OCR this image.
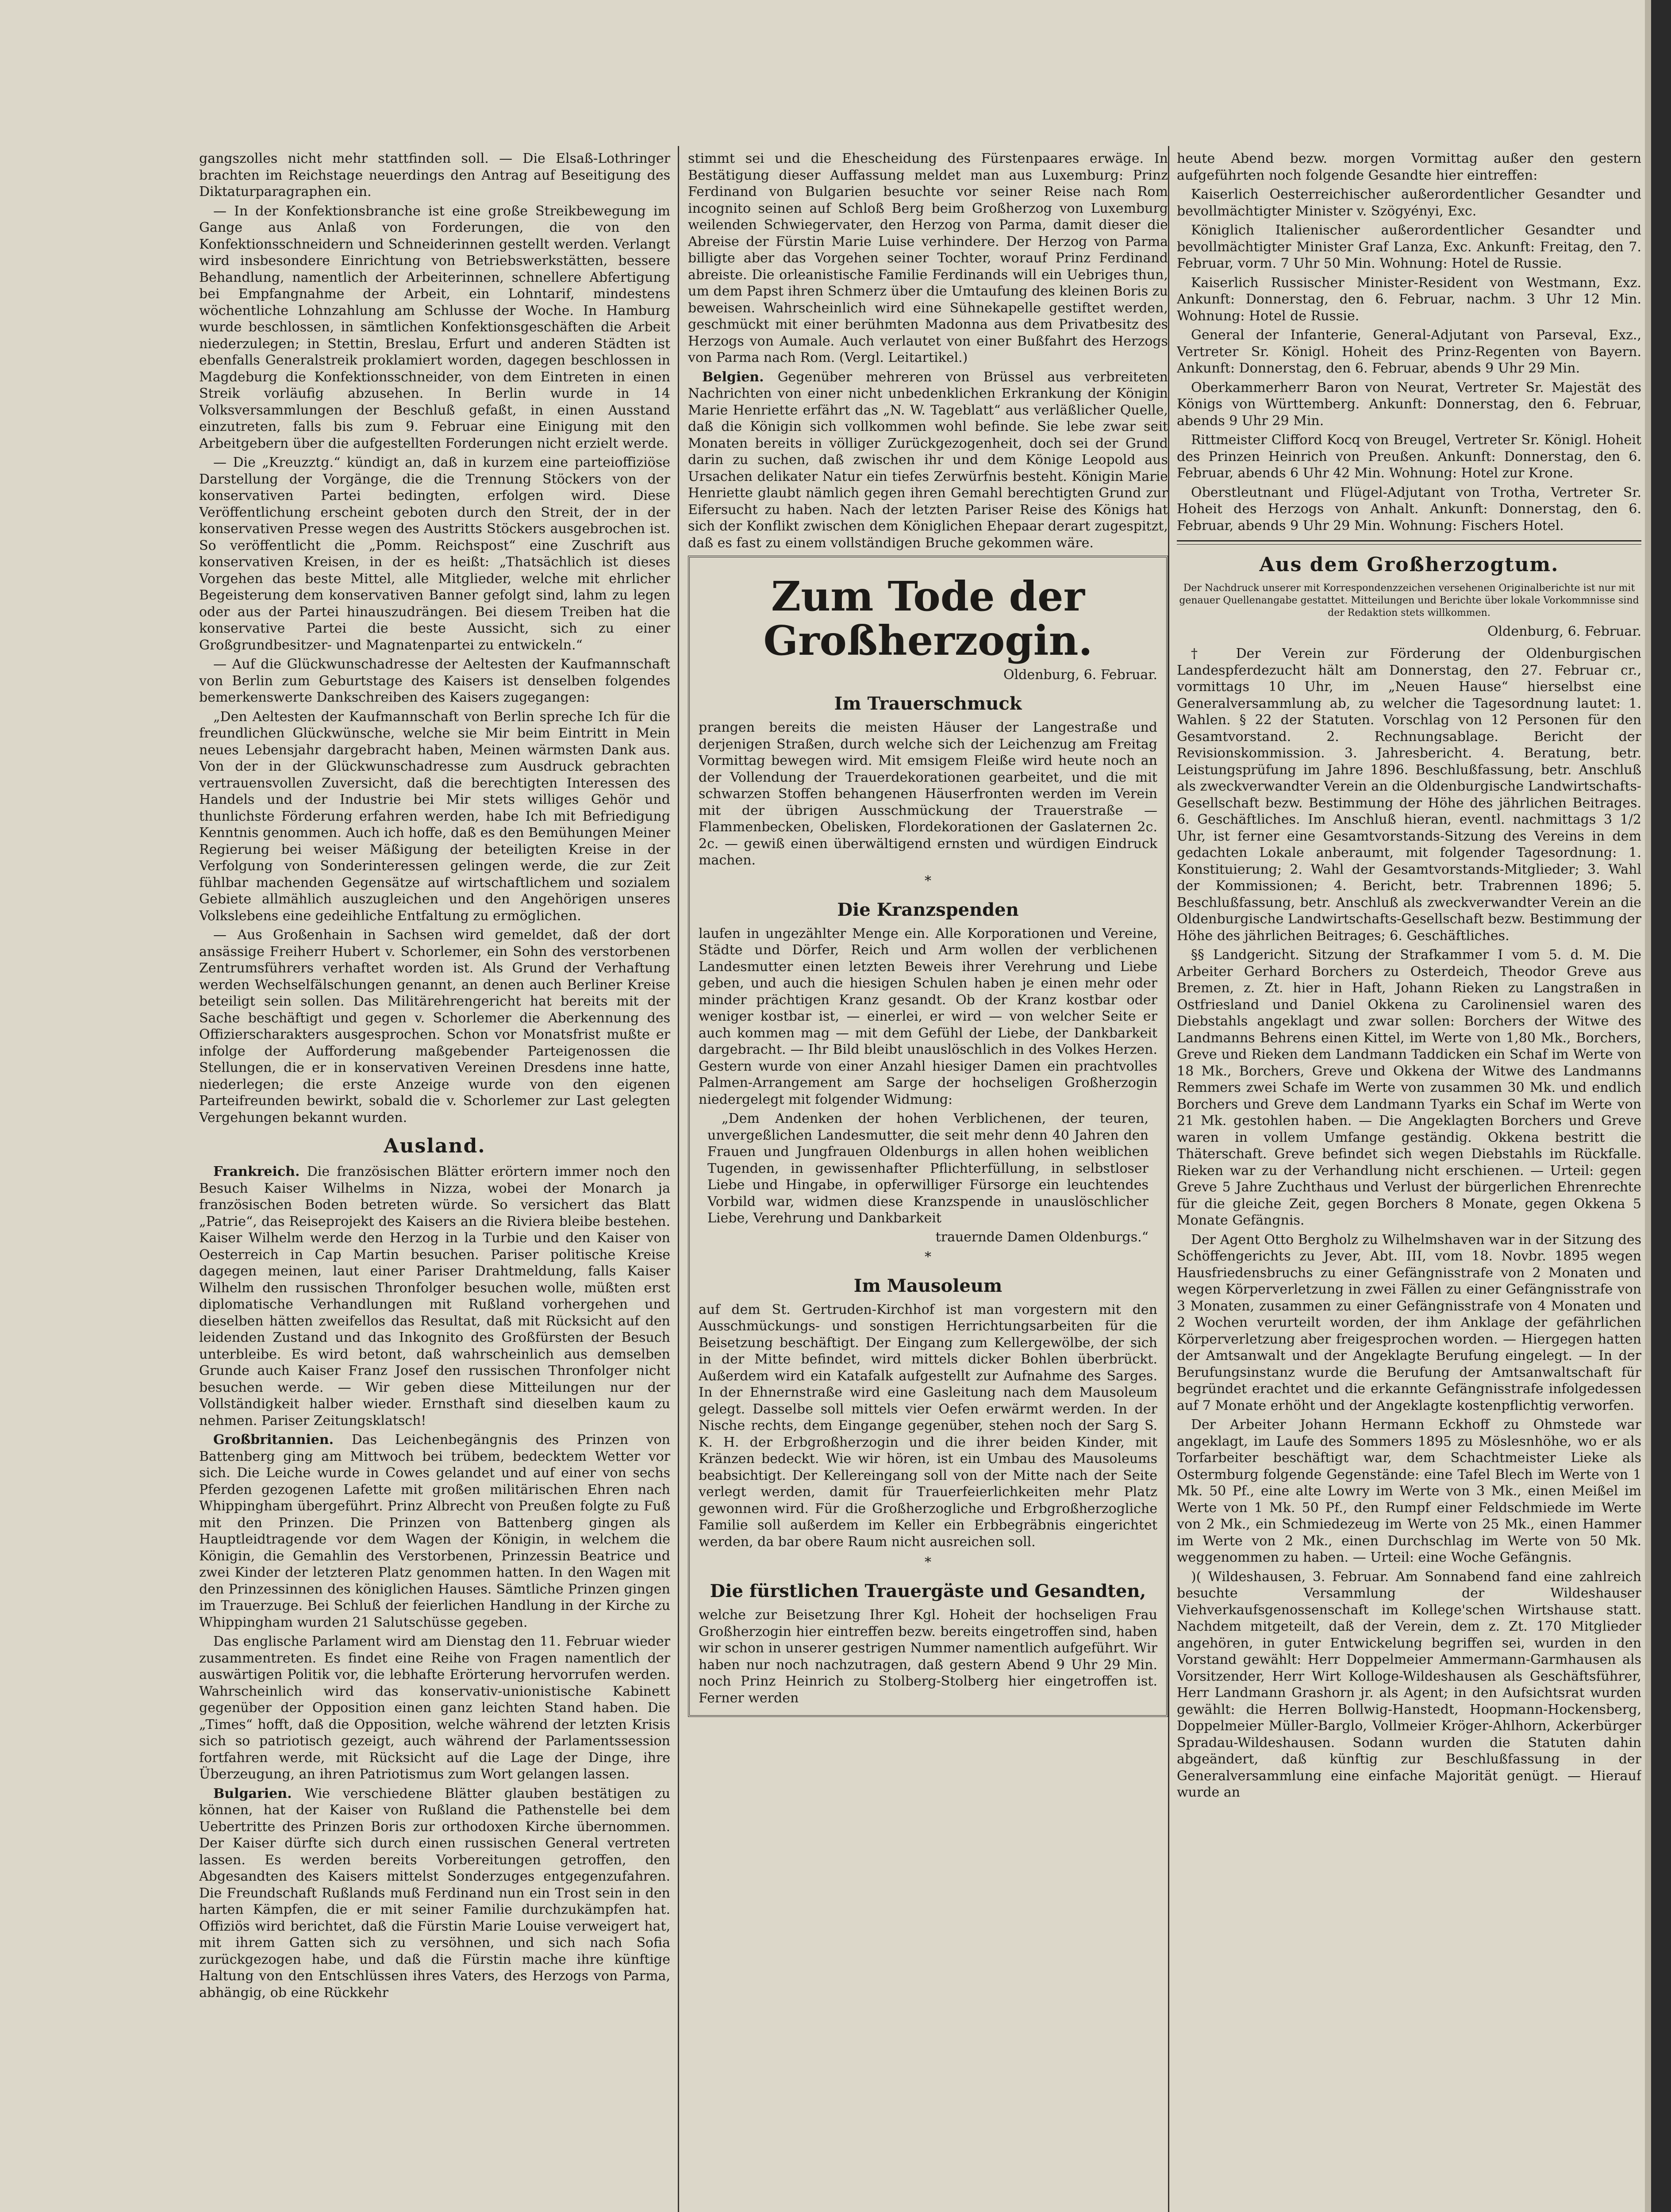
gangszolles nicht mehr stattfinden soll. — Die Elsaß-Lothringer brachten im Reichstage neuerdings den Antrag auf Beseitigung des Diktaturparagraphen ein.

— In der Konfektionsbranche ist eine große Streikbewegung im Gange aus Anlaß von Forderungen, die von den Konfektionsschneidern und Schneiderinnen gestellt werden. Verlangt wird insbesondere Einrichtung von Betriebswerkstätten, bessere Behandlung, namentlich der Arbeiterinnen, schnellere Abfertigung bei Empfangnahme der Arbeit, ein Lohntarif, mindestens wöchentliche Lohnzahlung am Schlusse der Woche. In Hamburg wurde beschlossen, in sämtlichen Konfektionsgeschäften die Arbeit niederzulegen; in Stettin, Breslau, Erfurt und anderen Städten ist ebenfalls Generalstreik proklamiert worden, dagegen beschlossen in Magdeburg die Konfektionsschneider, von dem Eintreten in einen Streik vorläufig abzusehen. In Berlin wurde in 14 Volksversammlungen der Beschluß gefaßt, in einen Ausstand einzutreten, falls bis zum 9. Februar eine Einigung mit den Arbeitgebern über die aufgestellten Forderungen nicht erzielt werde.

— Die „Kreuzztg.“ kündigt an, daß in kurzem eine parteioffiziöse Darstellung der Vorgänge, die die Trennung Stöckers von der konservativen Partei bedingten, erfolgen wird. Diese Veröffentlichung erscheint geboten durch den Streit, der in der konservativen Presse wegen des Austritts Stöckers ausgebrochen ist. So veröffentlicht die „Pomm. Reichspost“ eine Zuschrift aus konservativen Kreisen, in der es heißt: „Thatsächlich ist dieses Vorgehen das beste Mittel, alle Mitglieder, welche mit ehrlicher Begeisterung dem konservativen Banner gefolgt sind, lahm zu legen oder aus der Partei hinauszudrängen. Bei diesem Treiben hat die konservative Partei die beste Aussicht, sich zu einer Großgrundbesitzer- und Magnatenpartei zu entwickeln.“

— Auf die Glückwunschadresse der Aeltesten der Kaufmannschaft von Berlin zum Geburtstage des Kaisers ist denselben folgendes bemerkenswerte Dankschreiben des Kaisers zugegangen:

„Den Aeltesten der Kaufmannschaft von Berlin spreche Ich für die freundlichen Glückwünsche, welche sie Mir beim Eintritt in Mein neues Lebensjahr dargebracht haben, Meinen wärmsten Dank aus. Von der in der Glückwunschadresse zum Ausdruck gebrachten vertrauensvollen Zuversicht, daß die berechtigten Interessen des Handels und der Industrie bei Mir stets williges Gehör und thunlichste Förderung erfahren werden, habe Ich mit Befriedigung Kenntnis genommen. Auch ich hoffe, daß es den Bemühungen Meiner Regierung bei weiser Mäßigung der beteiligten Kreise in der Verfolgung von Sonderinteressen gelingen werde, die zur Zeit fühlbar machenden Gegensätze auf wirtschaftlichem und sozialem Gebiete allmählich auszugleichen und den Angehörigen unseres Volkslebens eine gedeihliche Entfaltung zu ermöglichen.

— Aus Großenhain in Sachsen wird gemeldet, daß der dort ansässige Freiherr Hubert v. Schorlemer, ein Sohn des verstorbenen Zentrumsführers verhaftet worden ist. Als Grund der Verhaftung werden Wechselfälschungen genannt, an denen auch Berliner Kreise beteiligt sein sollen. Das Militärehrengericht hat bereits mit der Sache beschäftigt und gegen v. Schorlemer die Aberkennung des Offizierscharakters ausgesprochen. Schon vor Monatsfrist mußte er infolge der Aufforderung maßgebender Parteigenossen die Stellungen, die er in konservativen Vereinen Dresdens inne hatte, niederlegen; die erste Anzeige wurde von den eigenen Parteifreunden bewirkt, sobald die v. Schorlemer zur Last gelegten Vergehungen bekannt wurden.

Ausland.

Frankreich. Die französischen Blätter erörtern immer noch den Besuch Kaiser Wilhelms in Nizza, wobei der Monarch ja französischen Boden betreten würde. So versichert das Blatt „Patrie“, das Reiseprojekt des Kaisers an die Riviera bleibe bestehen. Kaiser Wilhelm werde den Herzog in la Turbie und den Kaiser von Oesterreich in Cap Martin besuchen. Pariser politische Kreise dagegen meinen, laut einer Pariser Drahtmeldung, falls Kaiser Wilhelm den russischen Thronfolger besuchen wolle, müßten erst diplomatische Verhandlungen mit Rußland vorhergehen und dieselben hätten zweifellos das Resultat, daß mit Rücksicht auf den leidenden Zustand und das Inkognito des Großfürsten der Besuch unterbleibe. Es wird betont, daß wahrscheinlich aus demselben Grunde auch Kaiser Franz Josef den russischen Thronfolger nicht besuchen werde. — Wir geben diese Mitteilungen nur der Vollständigkeit halber wieder. Ernsthaft sind dieselben kaum zu nehmen. Pariser Zeitungsklatsch!

Großbritannien. Das Leichenbegängnis des Prinzen von Battenberg ging am Mittwoch bei trübem, bedecktem Wetter vor sich. Die Leiche wurde in Cowes gelandet und auf einer von sechs Pferden gezogenen Lafette mit großen militärischen Ehren nach Whippingham übergeführt. Prinz Albrecht von Preußen folgte zu Fuß mit den Prinzen. Die Prinzen von Battenberg gingen als Hauptleidtragende vor dem Wagen der Königin, in welchem die Königin, die Gemahlin des Verstorbenen, Prinzessin Beatrice und zwei Kinder der letzteren Platz genommen hatten. In den Wagen mit den Prinzessinnen des königlichen Hauses. Sämtliche Prinzen gingen im Trauerzuge. Bei Schluß der feierlichen Handlung in der Kirche zu Whippingham wurden 21 Salutschüsse gegeben.

Das englische Parlament wird am Dienstag den 11. Februar wieder zusammentreten. Es findet eine Reihe von Fragen namentlich der auswärtigen Politik vor, die lebhafte Erörterung hervorrufen werden. Wahrscheinlich wird das konservativ-unionistische Kabinett gegenüber der Opposition einen ganz leichten Stand haben. Die „Times“ hofft, daß die Opposition, welche während der letzten Krisis sich so patriotisch gezeigt, auch während der Parlamentssession fortfahren werde, mit Rücksicht auf die Lage der Dinge, ihre Überzeugung, an ihren Patriotismus zum Wort gelangen lassen.

Bulgarien. Wie verschiedene Blätter glauben bestätigen zu können, hat der Kaiser von Rußland die Pathenstelle bei dem Uebertritte des Prinzen Boris zur orthodoxen Kirche übernommen. Der Kaiser dürfte sich durch einen russischen General vertreten lassen. Es werden bereits Vorbereitungen getroffen, den Abgesandten des Kaisers mittelst Sonderzuges entgegenzufahren. Die Freundschaft Rußlands muß Ferdinand nun ein Trost sein in den harten Kämpfen, die er mit seiner Familie durchzukämpfen hat. Offiziös wird berichtet, daß die Fürstin Marie Louise verweigert hat, mit ihrem Gatten sich zu versöhnen, und sich nach Sofia zurückgezogen habe, und daß die Fürstin mache ihre künftige Haltung von den Entschlüssen ihres Vaters, des Herzogs von Parma, abhängig, ob eine Rückkehr

stimmt sei und die Ehescheidung des Fürstenpaares erwäge. In Bestätigung dieser Auffassung meldet man aus Luxemburg: Prinz Ferdinand von Bulgarien besuchte vor seiner Reise nach Rom incognito seinen auf Schloß Berg beim Großherzog von Luxemburg weilenden Schwiegervater, den Herzog von Parma, damit dieser die Abreise der Fürstin Marie Luise verhindere. Der Herzog von Parma billigte aber das Vorgehen seiner Tochter, worauf Prinz Ferdinand abreiste. Die orleanistische Familie Ferdinands will ein Uebriges thun, um dem Papst ihren Schmerz über die Umtaufung des kleinen Boris zu beweisen. Wahrscheinlich wird eine Sühnekapelle gestiftet werden, geschmückt mit einer berühmten Madonna aus dem Privatbesitz des Herzogs von Aumale. Auch verlautet von einer Bußfahrt des Herzogs von Parma nach Rom. (Vergl. Leitartikel.)

Belgien. Gegenüber mehreren von Brüssel aus verbreiteten Nachrichten von einer nicht unbedenklichen Erkrankung der Königin Marie Henriette erfährt das „N. W. Tageblatt“ aus verläßlicher Quelle, daß die Königin sich vollkommen wohl befinde. Sie lebe zwar seit Monaten bereits in völliger Zurückgezogenheit, doch sei der Grund darin zu suchen, daß zwischen ihr und dem Könige Leopold aus Ursachen delikater Natur ein tiefes Zerwürfnis besteht. Königin Marie Henriette glaubt nämlich gegen ihren Gemahl berechtigten Grund zur Eifersucht zu haben. Nach der letzten Pariser Reise des Königs hat sich der Konflikt zwischen dem Königlichen Ehepaar derart zugespitzt, daß es fast zu einem vollständigen Bruche gekommen wäre.

Zum Tode der Großherzogin.
Oldenburg, 6. Februar.
Im Trauerschmuck

prangen bereits die meisten Häuser der Langestraße und derjenigen Straßen, durch welche sich der Leichenzug am Freitag Vormittag bewegen wird. Mit emsigem Fleiße wird heute noch an der Vollendung der Trauerdekorationen gearbeitet, und die mit schwarzen Stoffen behangenen Häuserfronten werden im Verein mit der übrigen Ausschmückung der Trauerstraße — Flammenbecken, Obelisken, Flordekorationen der Gaslaternen 2c. 2c. — gewiß einen überwältigend ernsten und würdigen Eindruck machen.

*
Die Kranzspenden

laufen in ungezählter Menge ein. Alle Korporationen und Vereine, Städte und Dörfer, Reich und Arm wollen der verblichenen Landesmutter einen letzten Beweis ihrer Verehrung und Liebe geben, und auch die hiesigen Schulen haben je einen mehr oder minder prächtigen Kranz gesandt. Ob der Kranz kostbar oder weniger kostbar ist, — einerlei, er wird — von welcher Seite er auch kommen mag — mit dem Gefühl der Liebe, der Dankbarkeit dargebracht. — Ihr Bild bleibt unauslöschlich in des Volkes Herzen. Gestern wurde von einer Anzahl hiesiger Damen ein prachtvolles Palmen-Arrangement am Sarge der hochseligen Großherzogin niedergelegt mit folgender Widmung:

„Dem Andenken der hohen Verblichenen, der teuren, unvergeßlichen Landesmutter, die seit mehr denn 40 Jahren den Frauen und Jungfrauen Oldenburgs in allen hohen weiblichen Tugenden, in gewissenhafter Pflichterfüllung, in selbstloser Liebe und Hingabe, in opferwilliger Fürsorge ein leuchtendes Vorbild war, widmen diese Kranzspende in unauslöschlicher Liebe, Verehrung und Dankbarkeit

trauernde Damen Oldenburgs.“
*
Im Mausoleum

auf dem St. Gertruden-Kirchhof ist man vorgestern mit den Ausschmückungs- und sonstigen Herrichtungsarbeiten für die Beisetzung beschäftigt. Der Eingang zum Kellergewölbe, der sich in der Mitte befindet, wird mittels dicker Bohlen überbrückt. Außerdem wird ein Katafalk aufgestellt zur Aufnahme des Sarges. In der Ehnernstraße wird eine Gasleitung nach dem Mausoleum gelegt. Dasselbe soll mittels vier Oefen erwärmt werden. In der Nische rechts, dem Eingange gegenüber, stehen noch der Sarg S. K. H. der Erbgroßherzogin und die ihrer beiden Kinder, mit Kränzen bedeckt. Wie wir hören, ist ein Umbau des Mausoleums beabsichtigt. Der Kellereingang soll von der Mitte nach der Seite verlegt werden, damit für Trauerfeierlichkeiten mehr Platz gewonnen wird. Für die Großherzogliche und Erbgroßherzogliche Familie soll außerdem im Keller ein Erbbegräbnis eingerichtet werden, da bar obere Raum nicht ausreichen soll.

*
Die fürstlichen Trauergäste und Gesandten,

welche zur Beisetzung Ihrer Kgl. Hoheit der hochseligen Frau Großherzogin hier eintreffen bezw. bereits eingetroffen sind, haben wir schon in unserer gestrigen Nummer namentlich aufgeführt. Wir haben nur noch nachzutragen, daß gestern Abend 9 Uhr 29 Min. noch Prinz Heinrich zu Stolberg-Stolberg hier eingetroffen ist. Ferner werden

heute Abend bezw. morgen Vormittag außer den gestern aufgeführten noch folgende Gesandte hier eintreffen:

Kaiserlich Oesterreichischer außerordentlicher Gesandter und bevollmächtigter Minister v. Szögyényi, Exc.

Königlich Italienischer außerordentlicher Gesandter und bevollmächtigter Minister Graf Lanza, Exc. Ankunft: Freitag, den 7. Februar, vorm. 7 Uhr 50 Min. Wohnung: Hotel de Russie.

Kaiserlich Russischer Minister-Resident von Westmann, Exz. Ankunft: Donnerstag, den 6. Februar, nachm. 3 Uhr 12 Min. Wohnung: Hotel de Russie.

General der Infanterie, General-Adjutant von Parseval, Exz., Vertreter Sr. Königl. Hoheit des Prinz-Regenten von Bayern. Ankunft: Donnerstag, den 6. Februar, abends 9 Uhr 29 Min.

Oberkammerherr Baron von Neurat, Vertreter Sr. Majestät des Königs von Württemberg. Ankunft: Donnerstag, den 6. Februar, abends 9 Uhr 29 Min.

Rittmeister Clifford Kocq von Breugel, Vertreter Sr. Königl. Hoheit des Prinzen Heinrich von Preußen. Ankunft: Donnerstag, den 6. Februar, abends 6 Uhr 42 Min. Wohnung: Hotel zur Krone.

Oberstleutnant und Flügel-Adjutant von Trotha, Vertreter Sr. Hoheit des Herzogs von Anhalt. Ankunft: Donnerstag, den 6. Februar, abends 9 Uhr 29 Min. Wohnung: Fischers Hotel.

Aus dem Großherzogtum.
Der Nachdruck unserer mit Korrespondenzzeichen versehenen Originalberichte ist nur mit genauer Quellenangabe gestattet. Mitteilungen und Berichte über lokale Vorkommnisse sind der Redaktion stets willkommen.
Oldenburg, 6. Februar.

† Der Verein zur Förderung der Oldenburgischen Landespferdezucht hält am Donnerstag, den 27. Februar cr., vormittags 10 Uhr, im „Neuen Hause“ hierselbst eine Generalversammlung ab, zu welcher die Tagesordnung lautet: 1. Wahlen. § 22 der Statuten. Vorschlag von 12 Personen für den Gesamtvorstand. 2. Rechnungsablage. Bericht der Revisionskommission. 3. Jahresbericht. 4. Beratung, betr. Leistungsprüfung im Jahre 1896. Beschlußfassung, betr. Anschluß als zweckverwandter Verein an die Oldenburgische Landwirtschafts-Gesellschaft bezw. Bestimmung der Höhe des jährlichen Beitrages. 6. Geschäftliches. Im Anschluß hieran, eventl. nachmittags 3 1/2 Uhr, ist ferner eine Gesamtvorstands-Sitzung des Vereins in dem gedachten Lokale anberaumt, mit folgender Tagesordnung: 1. Konstituierung; 2. Wahl der Gesamtvorstands-Mitglieder; 3. Wahl der Kommissionen; 4. Bericht, betr. Trabrennen 1896; 5. Beschlußfassung, betr. Anschluß als zweckverwandter Verein an die Oldenburgische Landwirtschafts-Gesellschaft bezw. Bestimmung der Höhe des jährlichen Beitrages; 6. Geschäftliches.

§§ Landgericht. Sitzung der Strafkammer I vom 5. d. M. Die Arbeiter Gerhard Borchers zu Osterdeich, Theodor Greve aus Bremen, z. Zt. hier in Haft, Johann Rieken zu Langstraßen in Ostfriesland und Daniel Okkena zu Carolinensiel waren des Diebstahls angeklagt und zwar sollen: Borchers der Witwe des Landmanns Behrens einen Kittel, im Werte von 1,80 Mk., Borchers, Greve und Rieken dem Landmann Taddicken ein Schaf im Werte von 18 Mk., Borchers, Greve und Okkena der Witwe des Landmanns Remmers zwei Schafe im Werte von zusammen 30 Mk. und endlich Borchers und Greve dem Landmann Tyarks ein Schaf im Werte von 21 Mk. gestohlen haben. — Die Angeklagten Borchers und Greve waren in vollem Umfange geständig. Okkena bestritt die Thäterschaft. Greve befindet sich wegen Diebstahls im Rückfalle. Rieken war zu der Verhandlung nicht erschienen. — Urteil: gegen Greve 5 Jahre Zuchthaus und Verlust der bürgerlichen Ehrenrechte für die gleiche Zeit, gegen Borchers 8 Monate, gegen Okkena 5 Monate Gefängnis.

Der Agent Otto Bergholz zu Wilhelmshaven war in der Sitzung des Schöffengerichts zu Jever, Abt. III, vom 18. Novbr. 1895 wegen Hausfriedensbruchs zu einer Gefängnisstrafe von 2 Monaten und wegen Körperverletzung in zwei Fällen zu einer Gefängnisstrafe von 3 Monaten, zusammen zu einer Gefängnisstrafe von 4 Monaten und 2 Wochen verurteilt worden, der ihm Anklage der gefährlichen Körperverletzung aber freigesprochen worden. — Hiergegen hatten der Amtsanwalt und der Angeklagte Berufung eingelegt. — In der Berufungsinstanz wurde die Berufung der Amtsanwaltschaft für begründet erachtet und die erkannte Gefängnisstrafe infolgedessen auf 7 Monate erhöht und der Angeklagte kostenpflichtig verworfen.

Der Arbeiter Johann Hermann Eckhoff zu Ohmstede war angeklagt, im Laufe des Sommers 1895 zu Möslesnhöhe, wo er als Torfarbeiter beschäftigt war, dem Schachtmeister Lieke als Ostermburg folgende Gegenstände: eine Tafel Blech im Werte von 1 Mk. 50 Pf., eine alte Lowry im Werte von 3 Mk., einen Meißel im Werte von 1 Mk. 50 Pf., den Rumpf einer Feldschmiede im Werte von 2 Mk., ein Schmiedezeug im Werte von 25 Mk., einen Hammer im Werte von 2 Mk., einen Durchschlag im Werte von 50 Mk. weggenommen zu haben. — Urteil: eine Woche Gefängnis.

)( Wildeshausen, 3. Februar. Am Sonnabend fand eine zahlreich besuchte Versammlung der Wildeshauser Viehverkaufsgenossenschaft im Kollege'schen Wirtshause statt. Nachdem mitgeteilt, daß der Verein, dem z. Zt. 170 Mitglieder angehören, in guter Entwickelung begriffen sei, wurden in den Vorstand gewählt: Herr Doppelmeier Ammermann-Garmhausen als Vorsitzender, Herr Wirt Kolloge-Wildeshausen als Geschäftsführer, Herr Landmann Grashorn jr. als Agent; in den Aufsichtsrat wurden gewählt: die Herren Bollwig-Hanstedt, Hoopmann-Hockensberg, Doppelmeier Müller-Barglo, Vollmeier Kröger-Ahlhorn, Ackerbürger Spradau-Wildeshausen. Sodann wurden die Statuten dahin abgeändert, daß künftig zur Beschlußfassung in der Generalversammlung eine einfache Majorität genügt. — Hierauf wurde an
